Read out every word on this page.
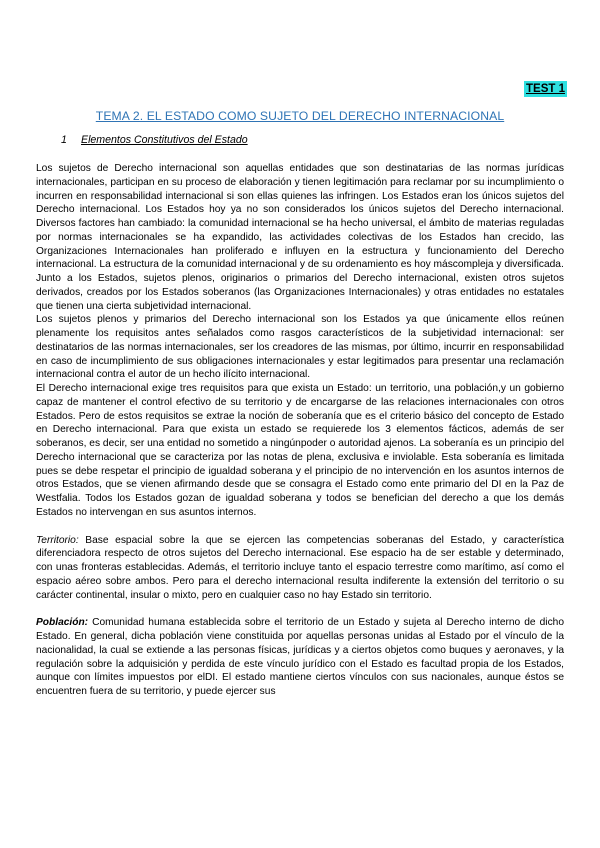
TEST 1
TEMA 2. EL ESTADO COMO SUJETO DEL DERECHO INTERNACIONAL
1 Elementos Constitutivos del Estado

Los sujetos de Derecho internacional son aquellas entidades que son destinatarias de las normas jurídicas internacionales, participan en su proceso de elaboración y tienen legitimación para reclamar por su incumplimiento o incurren en responsabilidad internacional si son ellas quienes las infringen. Los Estados eran los únicos sujetos del Derecho internacional. Los Estados hoy ya no son considerados los únicos sujetos del Derecho internacional. Diversos factores han cambiado: la comunidad internacional se ha hecho universal, el ámbito de materias reguladas por normas internacionales se ha expandido, las actividades colectivas de los Estados han crecido, las Organizaciones Internacionales han proliferado e influyen en la estructura y funcionamiento del Derecho internacional. La estructura de la comunidad internacional y de su ordenamiento es hoy máscompleja y diversificada.

Junto a los Estados, sujetos plenos, originarios o primarios del Derecho internacional, existen otros sujetos derivados, creados por los Estados soberanos (las Organizaciones Internacionales) y otras entidades no estatales que tienen una cierta subjetividad internacional.

Los sujetos plenos y primarios del Derecho internacional son los Estados ya que únicamente ellos reúnen plenamente los requisitos antes señalados como rasgos característicos de la subjetividad internacional: ser destinatarios de las normas internacionales, ser los creadores de las mismas, por último, incurrir en responsabilidad en caso de incumplimiento de sus obligaciones internacionales y estar legitimados para presentar una reclamación internacional contra el autor de un hecho ilícito internacional.

El Derecho internacional exige tres requisitos para que exista un Estado: un territorio, una población,y un gobierno capaz de mantener el control efectivo de su territorio y de encargarse de las relaciones internacionales con otros Estados. Pero de estos requisitos se extrae la noción de soberanía que es el criterio básico del concepto de Estado en Derecho internacional. Para que exista un estado se requierede los 3 elementos fácticos, además de ser soberanos, es decir, ser una entidad no sometido a ningúnpoder o autoridad ajenos. La soberanía es un principio del Derecho internacional que se caracteriza por las notas de plena, exclusiva e inviolable. Esta soberanía es limitada pues se debe respetar el principio de igualdad soberana y el principio de no intervención en los asuntos internos de otros Estados, que se vienen afirmando desde que se consagra el Estado como ente primario del DI en la Paz de Westfalia. Todos los Estados gozan de igualdad soberana y todos se benefician del derecho a que los demás Estados no intervengan en sus asuntos internos.

Territorio: Base espacial sobre la que se ejercen las competencias soberanas del Estado, y característica diferenciadora respecto de otros sujetos del Derecho internacional. Ese espacio ha de ser estable y determinado, con unas fronteras establecidas. Además, el territorio incluye tanto el espacio terrestre como marítimo, así como el espacio aéreo sobre ambos. Pero para el derecho internacional resulta indiferente la extensión del territorio o su carácter continental, insular o mixto, pero en cualquier caso no hay Estado sin territorio.

Población: Comunidad humana establecida sobre el territorio de un Estado y sujeta al Derecho interno de dicho Estado. En general, dicha población viene constituida por aquellas personas unidas al Estado por el vínculo de la nacionalidad, la cual se extiende a las personas físicas, jurídicas y a ciertos objetos como buques y aeronaves, y la regulación sobre la adquisición y perdida de este vínculo jurídico con el Estado es facultad propia de los Estados, aunque con límites impuestos por elDI. El estado mantiene ciertos vínculos con sus nacionales, aunque éstos se encuentren fuera de su territorio, y puede ejercer sus
